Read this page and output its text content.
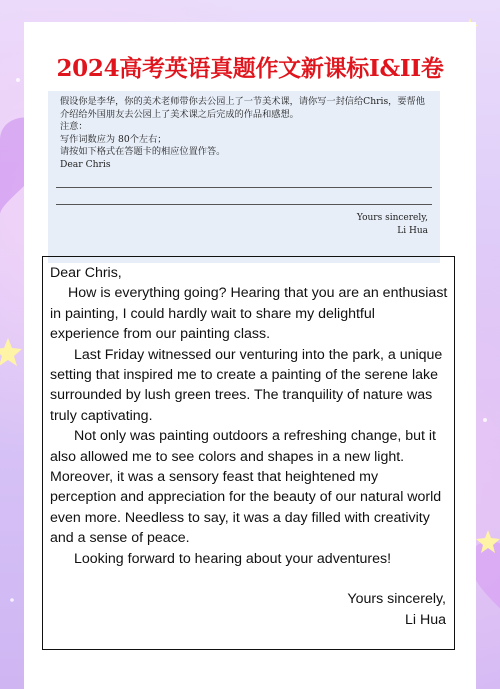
2024高考英语真题作文新课标I&II卷

假设你是李华，你的美术老师带你去公园上了一节美术课，请你写一封信给Chris，要帮他

介绍给外国朋友去公园上了美术课之后完成的作品和感想。

注意：

写作词数应为 80个左右；

请按如下格式在答题卡的相应位置作答。

Dear Chris

Yours sincerely,
Li Hua

Dear Chris,

How is everything going? Hearing that you are an enthusiast in painting, I could hardly wait to share my delightful experience from our painting class.

Last Friday witnessed our venturing into the park, a unique setting that inspired me to create a painting of the serene lake surrounded by lush green trees. The tranquility of nature was truly captivating.

Not only was painting outdoors a refreshing change, but it also allowed me to see colors and shapes in a new light. Moreover, it was a sensory feast that heightened my perception and appreciation for the beauty of our natural world even more. Needless to say, it was a day filled with creativity and a sense of peace.

Looking forward to hearing about your adventures!

Yours sincerely,

Li Hua
